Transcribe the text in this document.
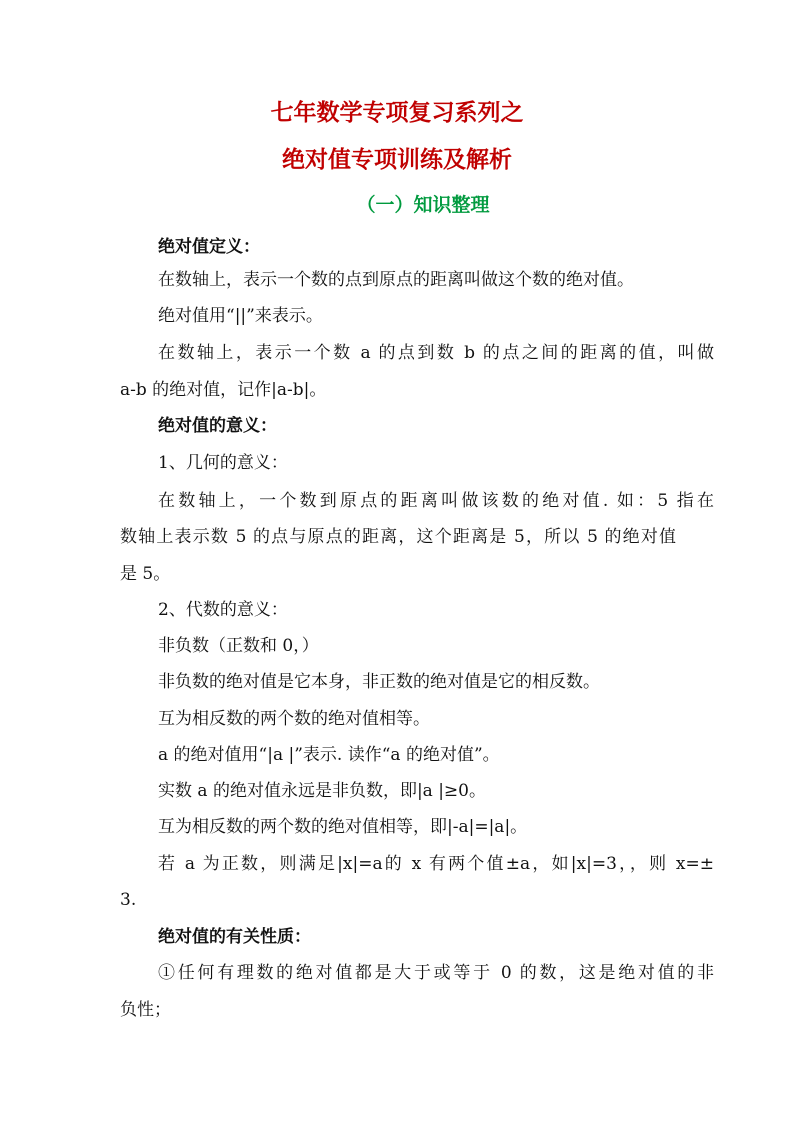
七年数学专项复习系列之
绝对值专项训练及解析
（一）知识整理
绝对值定义：
在数轴上，表示一个数的点到原点的距离叫做这个数的绝对值。
绝对值用“||”来表示。
在数轴上，表示一个数 a 的点到数 b 的点之间的距离的值，叫做
a-b 的绝对值，记作|a-b|。
绝对值的意义：
1、几何的意义：
在数轴上，一个数到原点的距离叫做该数的绝对值. 如：5 指在
数轴上表示数 5 的点与原点的距离，这个距离是 5，所以 5 的绝对值
是 5。
2、代数的意义：
非负数（正数和 0，）
非负数的绝对值是它本身，非正数的绝对值是它的相反数。
互为相反数的两个数的绝对值相等。
a 的绝对值用“|a |”表示. 读作“a 的绝对值”。
实数 a 的绝对值永远是非负数，即|a |≥0。
互为相反数的两个数的绝对值相等，即|-a|=|a|。
若 a 为正数，则满足|x|=a的 x 有两个值±a，如|x|=3，，则 x=±
3.
绝对值的有关性质：
①任何有理数的绝对值都是大于或等于 0 的数，这是绝对值的非
负性；
